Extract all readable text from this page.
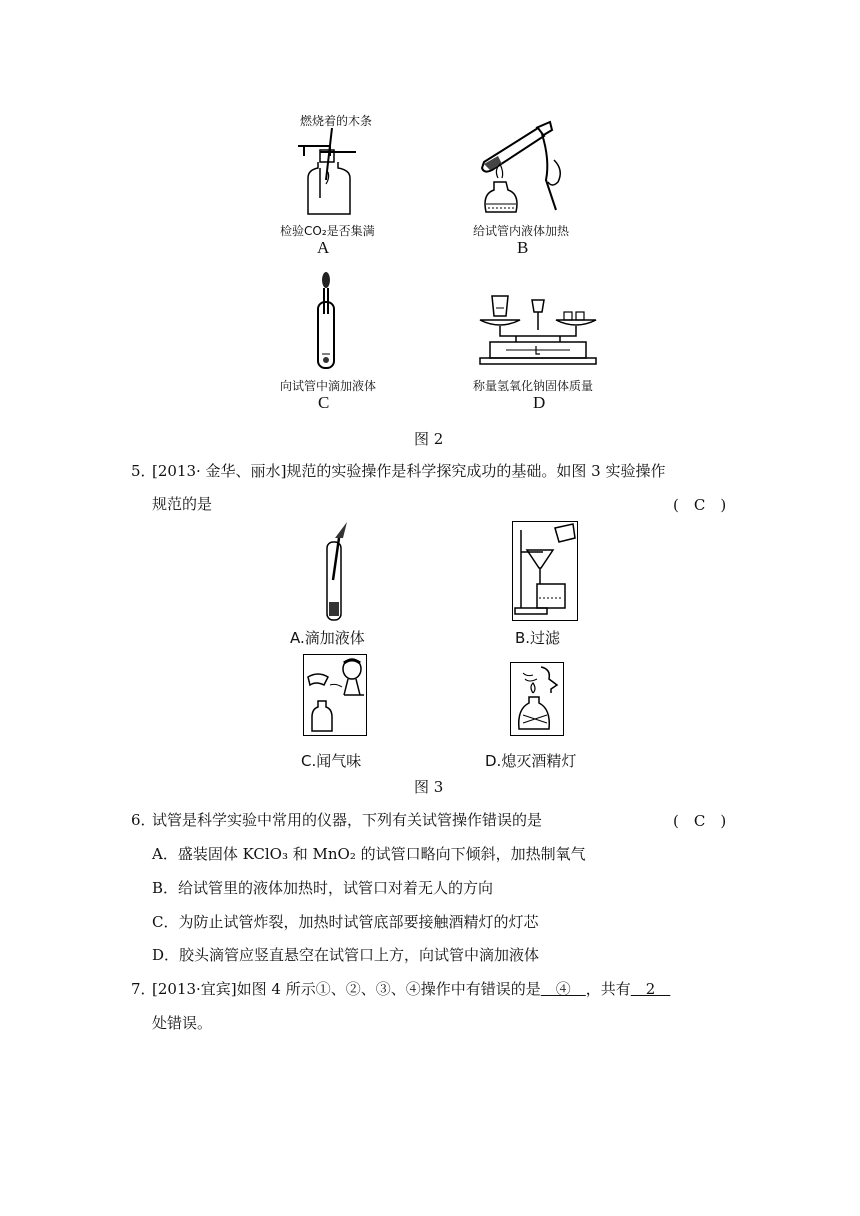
燃烧着的木条
检验CO₂是否集满
A
给试管内液体加热
B
向试管中滴加液体
C
称量氢氧化钠固体质量
D
图 2
5．
[2013· 金华、丽水]规范的实验操作是科学探究成功的基础。如图 3 实验操作
规范的是	(　C　)
A.滴加液体	B.过滤
C.闻气味	D.熄灭酒精灯
图 3
6．
试管是科学实验中常用的仪器，下列有关试管操作错误的是	(　C　)
A．盛装固体 KClO₃ 和 MnO₂ 的试管口略向下倾斜，加热制氧气
B．给试管里的液体加热时，试管口对着无人的方向
C．为防止试管炸裂，加热时试管底部要接触酒精灯的灯芯
D．胶头滴管应竖直悬空在试管口上方，向试管中滴加液体
7．
[2013·宜宾]如图 4 所示①、②、③、④操作中有错误的是　④　，共有　2　
处错误。
